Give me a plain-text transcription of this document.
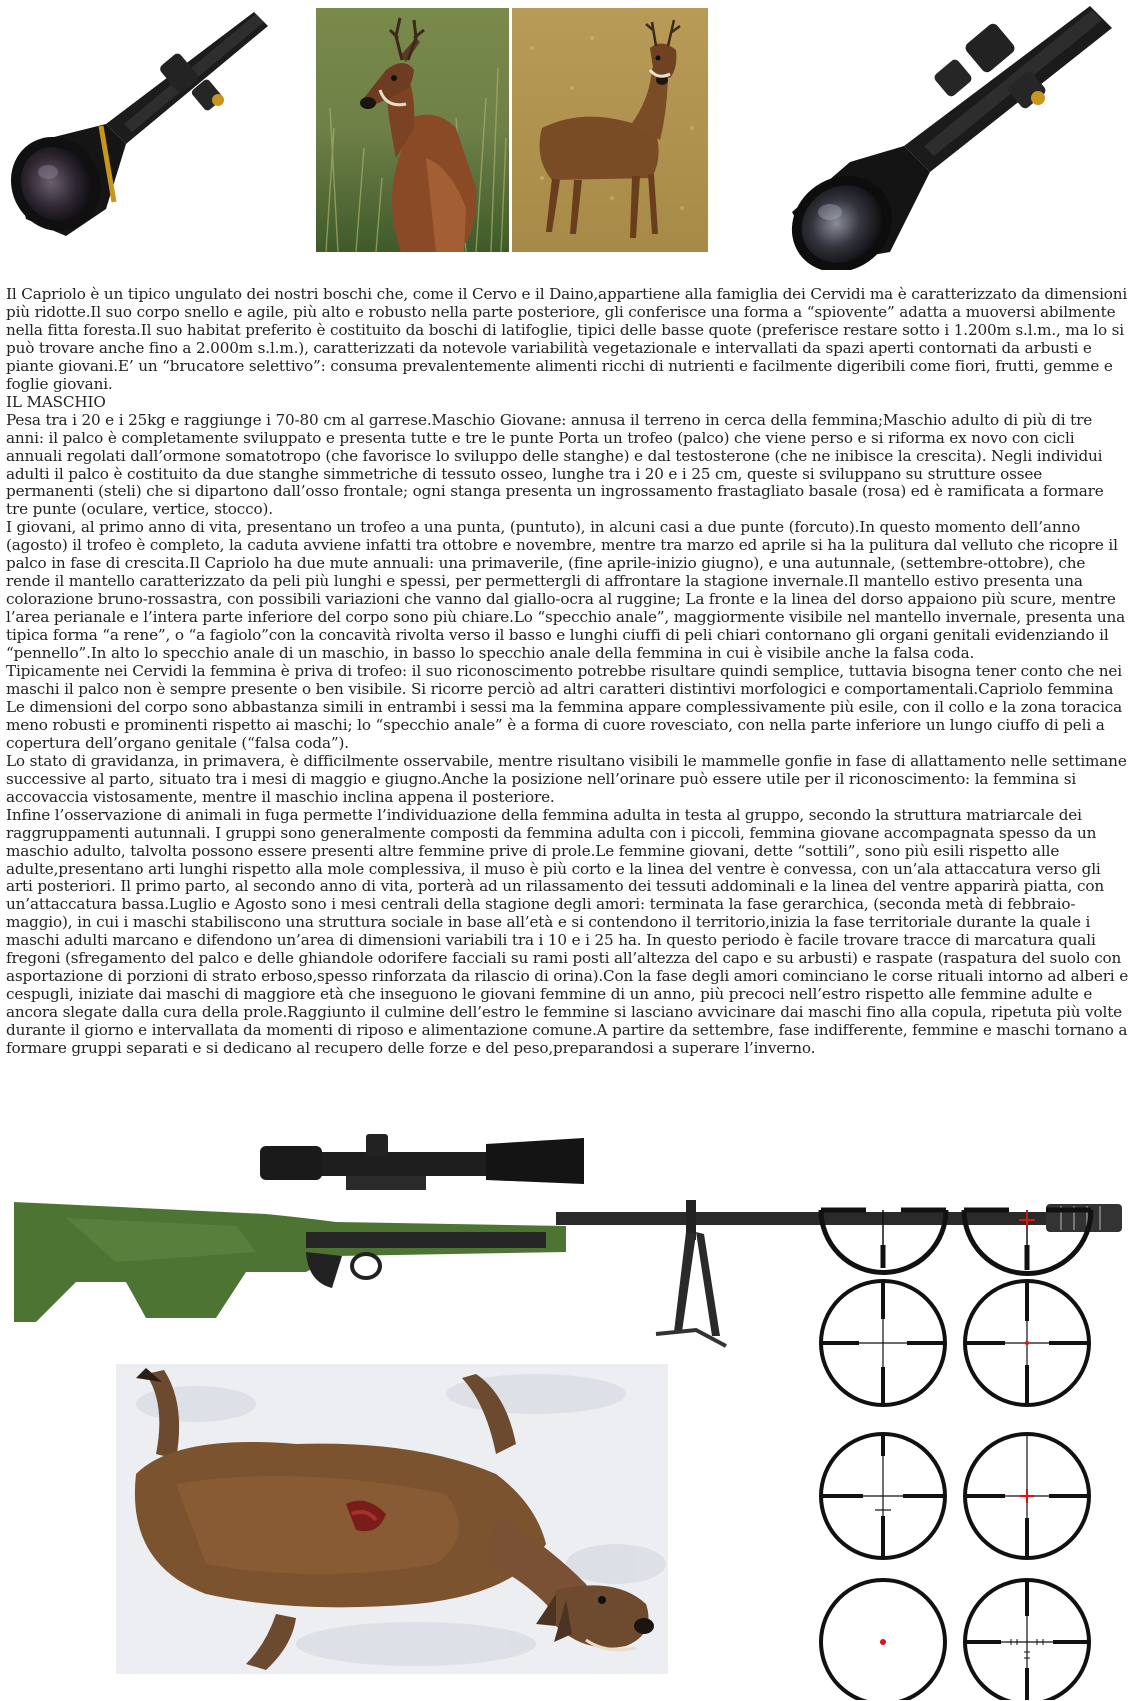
Il Capriolo è un tipico ungulato dei nostri boschi che, come il Cervo e il Daino,appartiene alla famiglia dei Cervidi ma è caratterizzato da dimensioni più ridotte.Il suo corpo snello e agile, più alto e robusto nella parte posteriore, gli conferisce una forma a “spiovente” adatta a muoversi abilmente nella fitta foresta.Il suo habitat preferito è costituito da boschi di latifoglie, tipici delle basse quote (preferisce restare sotto i 1.200m s.l.m., ma lo si può trovare anche fino a 2.000m s.l.m.), caratterizzati da notevole variabilità vegetazionale e intervallati da spazi aperti contornati da arbusti e piante giovani.E’ un “brucatore selettivo”: consuma prevalentemente alimenti ricchi di nutrienti e facilmente digeribili come fiori, frutti, gemme e foglie giovani.

IL MASCHIO

Pesa tra i 20 e i 25kg e raggiunge i 70-80 cm al garrese.Maschio Giovane: annusa il terreno in cerca della femmina;Maschio adulto di più di tre anni: il palco è completamente sviluppato e presenta tutte e tre le punte Porta un trofeo (palco) che viene perso e si riforma ex novo con cicli annuali regolati dall’ormone somatotropo (che favorisce lo sviluppo delle stanghe) e dal testosterone (che ne inibisce la crescita). Negli individui adulti il palco è costituito da due stanghe simmetriche di tessuto osseo, lunghe tra i 20 e i 25 cm, queste si sviluppano su strutture ossee permanenti (steli) che si dipartono dall’osso frontale; ogni stanga presenta un ingrossamento frastagliato basale (rosa) ed è ramificata a formare tre punte (oculare, vertice, stocco).

I giovani, al primo anno di vita, presentano un trofeo a una punta, (puntuto), in alcuni casi a due punte (forcuto).In questo momento dell’anno (agosto) il trofeo è completo, la caduta avviene infatti tra ottobre e novembre, mentre tra marzo ed aprile si ha la pulitura dal velluto che ricopre il palco in fase di crescita.Il Capriolo ha due mute annuali: una primaverile, (fine aprile-inizio giugno), e una autunnale, (settembre-ottobre), che rende il mantello caratterizzato da peli più lunghi e spessi, per permettergli di affrontare la stagione invernale.Il mantello estivo presenta una colorazione bruno-rossastra, con possibili variazioni che vanno dal giallo-ocra al ruggine; La fronte e la linea del dorso appaiono più scure, mentre l’area perianale e l’intera parte inferiore del corpo sono più chiare.Lo “specchio anale”, maggiormente visibile nel mantello invernale, presenta una tipica forma “a rene”, o “a fagiolo”con la concavità rivolta verso il basso e lunghi ciuffi di peli chiari contornano gli organi genitali evidenziando il “pennello”.In alto lo specchio anale di un maschio, in basso lo specchio anale della femmina in cui è visibile anche la falsa coda.

Tipicamente nei Cervidi la femmina è priva di trofeo: il suo riconoscimento potrebbe risultare quindi semplice, tuttavia bisogna tener conto che nei maschi il palco non è sempre presente o ben visibile. Si ricorre perciò ad altri caratteri distintivi morfologici e comportamentali.Capriolo femmina Le dimensioni del corpo sono abbastanza simili in entrambi i sessi ma la femmina appare complessivamente più esile, con il collo e la zona toracica meno robusti e prominenti rispetto ai maschi; lo “specchio anale” è a forma di cuore rovesciato, con nella parte inferiore un lungo ciuffo di peli a copertura dell’organo genitale (“falsa coda”).

Lo stato di gravidanza, in primavera, è difficilmente osservabile, mentre risultano visibili le mammelle gonfie in fase di allattamento nelle settimane successive al parto, situato tra i mesi di maggio e giugno.Anche la posizione nell’orinare può essere utile per il riconoscimento: la femmina si accovaccia vistosamente, mentre il maschio inclina appena il posteriore.

Infine l’osservazione di animali in fuga permette l’individuazione della femmina adulta in testa al gruppo, secondo la struttura matriarcale dei raggruppamenti autunnali. I gruppi sono generalmente composti da femmina adulta con i piccoli, femmina giovane accompagnata spesso da un maschio adulto, talvolta possono essere presenti altre femmine prive di prole.Le femmine giovani, dette “sottili”, sono più esili rispetto alle adulte,presentano arti lunghi rispetto alla mole complessiva, il muso è più corto e la linea del ventre è convessa, con un’ala attaccatura verso gli arti posteriori. Il primo parto, al secondo anno di vita, porterà ad un rilassamento dei tessuti addominali e la linea del ventre apparirà piatta, con un’attaccatura bassa.Luglio e Agosto sono i mesi centrali della stagione degli amori: terminata la fase gerarchica, (seconda metà di febbraio-maggio), in cui i maschi stabiliscono una struttura sociale in base all’età e si contendono il territorio,inizia la fase territoriale durante la quale i maschi adulti marcano e difendono un’area di dimensioni variabili tra i 10 e i 25 ha. In questo periodo è facile trovare tracce di marcatura quali fregoni (sfregamento del palco e delle ghiandole odorifere facciali su rami posti all’altezza del capo e su arbusti) e raspate (raspatura del suolo con asportazione di porzioni di strato erboso,spesso rinforzata da rilascio di orina).Con la fase degli amori cominciano le corse rituali intorno ad alberi e cespugli, iniziate dai maschi di maggiore età che inseguono le giovani femmine di un anno, più precoci nell’estro rispetto alle femmine adulte e ancora slegate dalla cura della prole.Raggiunto il culmine dell’estro le femmine si lasciano avvicinare dai maschi fino alla copula, ripetuta più volte durante il giorno e intervallata da momenti di riposo e alimentazione comune.A partire da settembre, fase indifferente, femmine e maschi tornano a formare gruppi separati e si dedicano al recupero delle forze e del peso,preparandosi a superare l’inverno.
